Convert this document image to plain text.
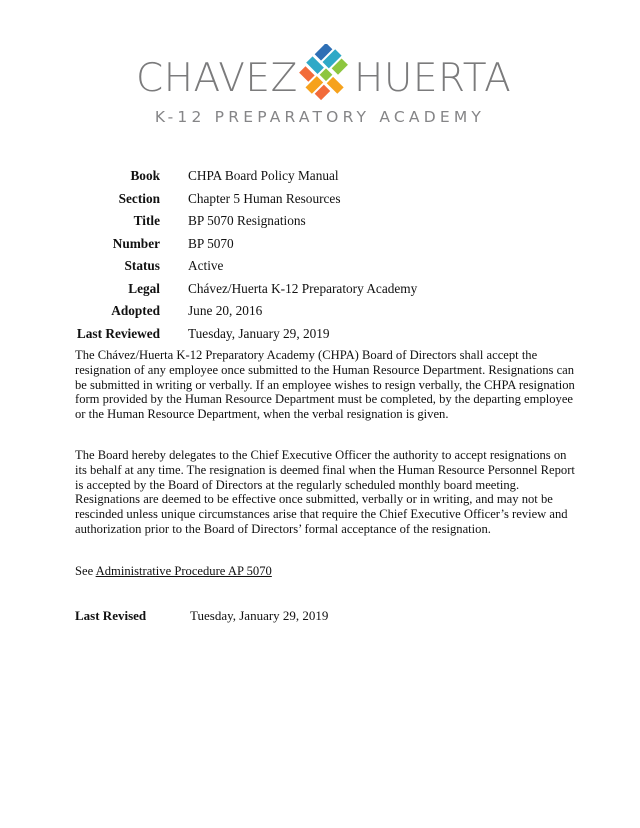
CHAVEZ HUERTA
K-12 PREPARATORY ACADEMY
Book	CHPA Board Policy Manual
Section	Chapter 5 Human Resources
Title	BP 5070 Resignations
Number	BP 5070
Status	Active
Legal	Chávez/Huerta K-12 Preparatory Academy
Adopted	June 20, 2016
Last Reviewed	Tuesday, January 29, 2019
The Chávez/Huerta K-12 Preparatory Academy (CHPA) Board of Directors shall accept the resignation of any employee once submitted to the Human Resource Department. Resignations can be submitted in writing or verbally. If an employee wishes to resign verbally, the CHPA resignation form provided by the Human Resource Department must be completed, by the departing employee or the Human Resource Department, when the verbal resignation is given.
The Board hereby delegates to the Chief Executive Officer the authority to accept resignations on its behalf at any time. The resignation is deemed final when the Human Resource Personnel Report is accepted by the Board of Directors at the regularly scheduled monthly board meeting. Resignations are deemed to be effective once submitted, verbally or in writing, and may not be rescinded unless unique circumstances arise that require the Chief Executive Officer’s review and authorization prior to the Board of Directors’ formal acceptance of the resignation.
See Administrative Procedure AP 5070
Last Revised	Tuesday, January 29, 2019
